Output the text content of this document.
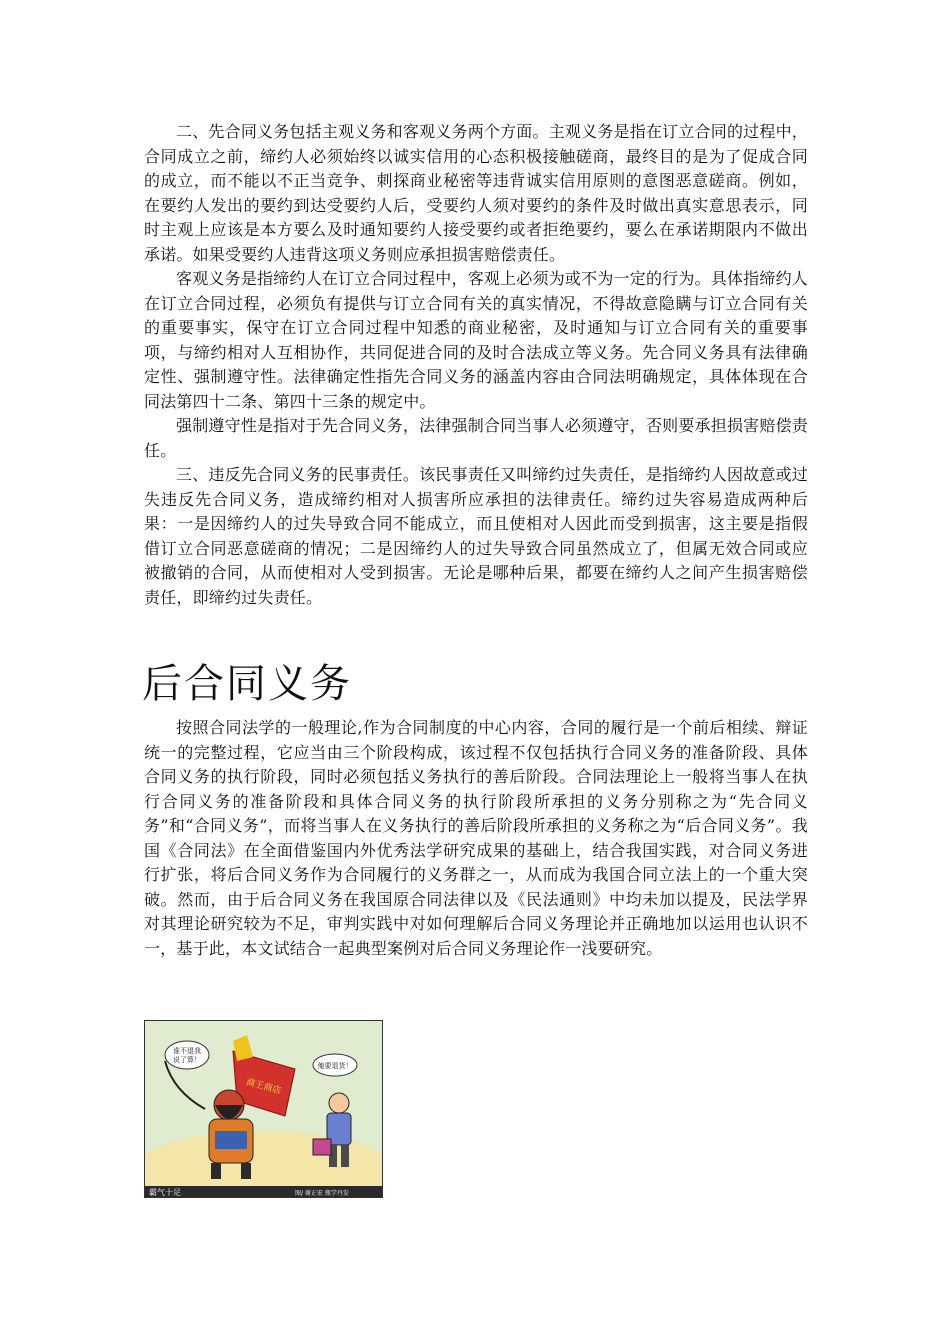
二、先合同义务包括主观义务和客观义务两个方面。主观义务是指在订立合同的过程中，合同成立之前，缔约人必须始终以诚实信用的心态积极接触磋商，最终目的是为了促成合同的成立，而不能以不正当竞争、刺探商业秘密等违背诚实信用原则的意图恶意磋商。例如，在要约人发出的要约到达受要约人后，受要约人须对要约的条件及时做出真实意思表示，同时主观上应该是本方要么及时通知要约人接受要约或者拒绝要约，要么在承诺期限内不做出承诺。如果受要约人违背这项义务则应承担损害赔偿责任。

客观义务是指缔约人在订立合同过程中，客观上必须为或不为一定的行为。具体指缔约人在订立合同过程，必须负有提供与订立合同有关的真实情况，不得故意隐瞒与订立合同有关的重要事实，保守在订立合同过程中知悉的商业秘密，及时通知与订立合同有关的重要事项，与缔约相对人互相协作，共同促进合同的及时合法成立等义务。先合同义务具有法律确定性、强制遵守性。法律确定性指先合同义务的涵盖内容由合同法明确规定，具体体现在合同法第四十二条、第四十三条的规定中。

强制遵守性是指对于先合同义务，法律强制合同当事人必须遵守，否则要承担损害赔偿责任。

三、违反先合同义务的民事责任。该民事责任又叫缔约过失责任，是指缔约人因故意或过失违反先合同义务，造成缔约相对人损害所应承担的法律责任。缔约过失容易造成两种后果：一是因缔约人的过失导致合同不能成立，而且使相对人因此而受到损害，这主要是指假借订立合同恶意磋商的情况；二是因缔约人的过失导致合同虽然成立了，但属无效合同或应被撤销的合同，从而使相对人受到损害。无论是哪种后果，都要在缔约人之间产生损害赔偿责任，即缔约过失责任。

后合同义务

按照合同法学的一般理论,作为合同制度的中心内容，合同的履行是一个前后相续、辩证统一的完整过程，它应当由三个阶段构成，该过程不仅包括执行合同义务的准备阶段、具体合同义务的执行阶段，同时必须包括义务执行的善后阶段。合同法理论上一般将当事人在执行合同义务的准备阶段和具体合同义务的执行阶段所承担的义务分别称之为“先合同义务”和“合同义务”，而将当事人在义务执行的善后阶段所承担的义务称之为“后合同义务”。我国《合同法》在全面借鉴国内外优秀法学研究成果的基础上，结合我国实践，对合同义务进行扩张，将后合同义务作为合同履行的义务群之一，从而成为我国合同立法上的一个重大突破。然而，由于后合同义务在我国原合同法律以及《民法通则》中均未加以提及，民法学界对其理论研究较为不足，审判实践中对如何理解后合同义务理论并正确地加以运用也认识不一，基于此，本文试结合一起典型案例对后合同义务理论作一浅要研究。

谁不退我
说了算！
俺要退货！
商王商店
霸气十足	图/ 谢正宏 瓶学丹发
